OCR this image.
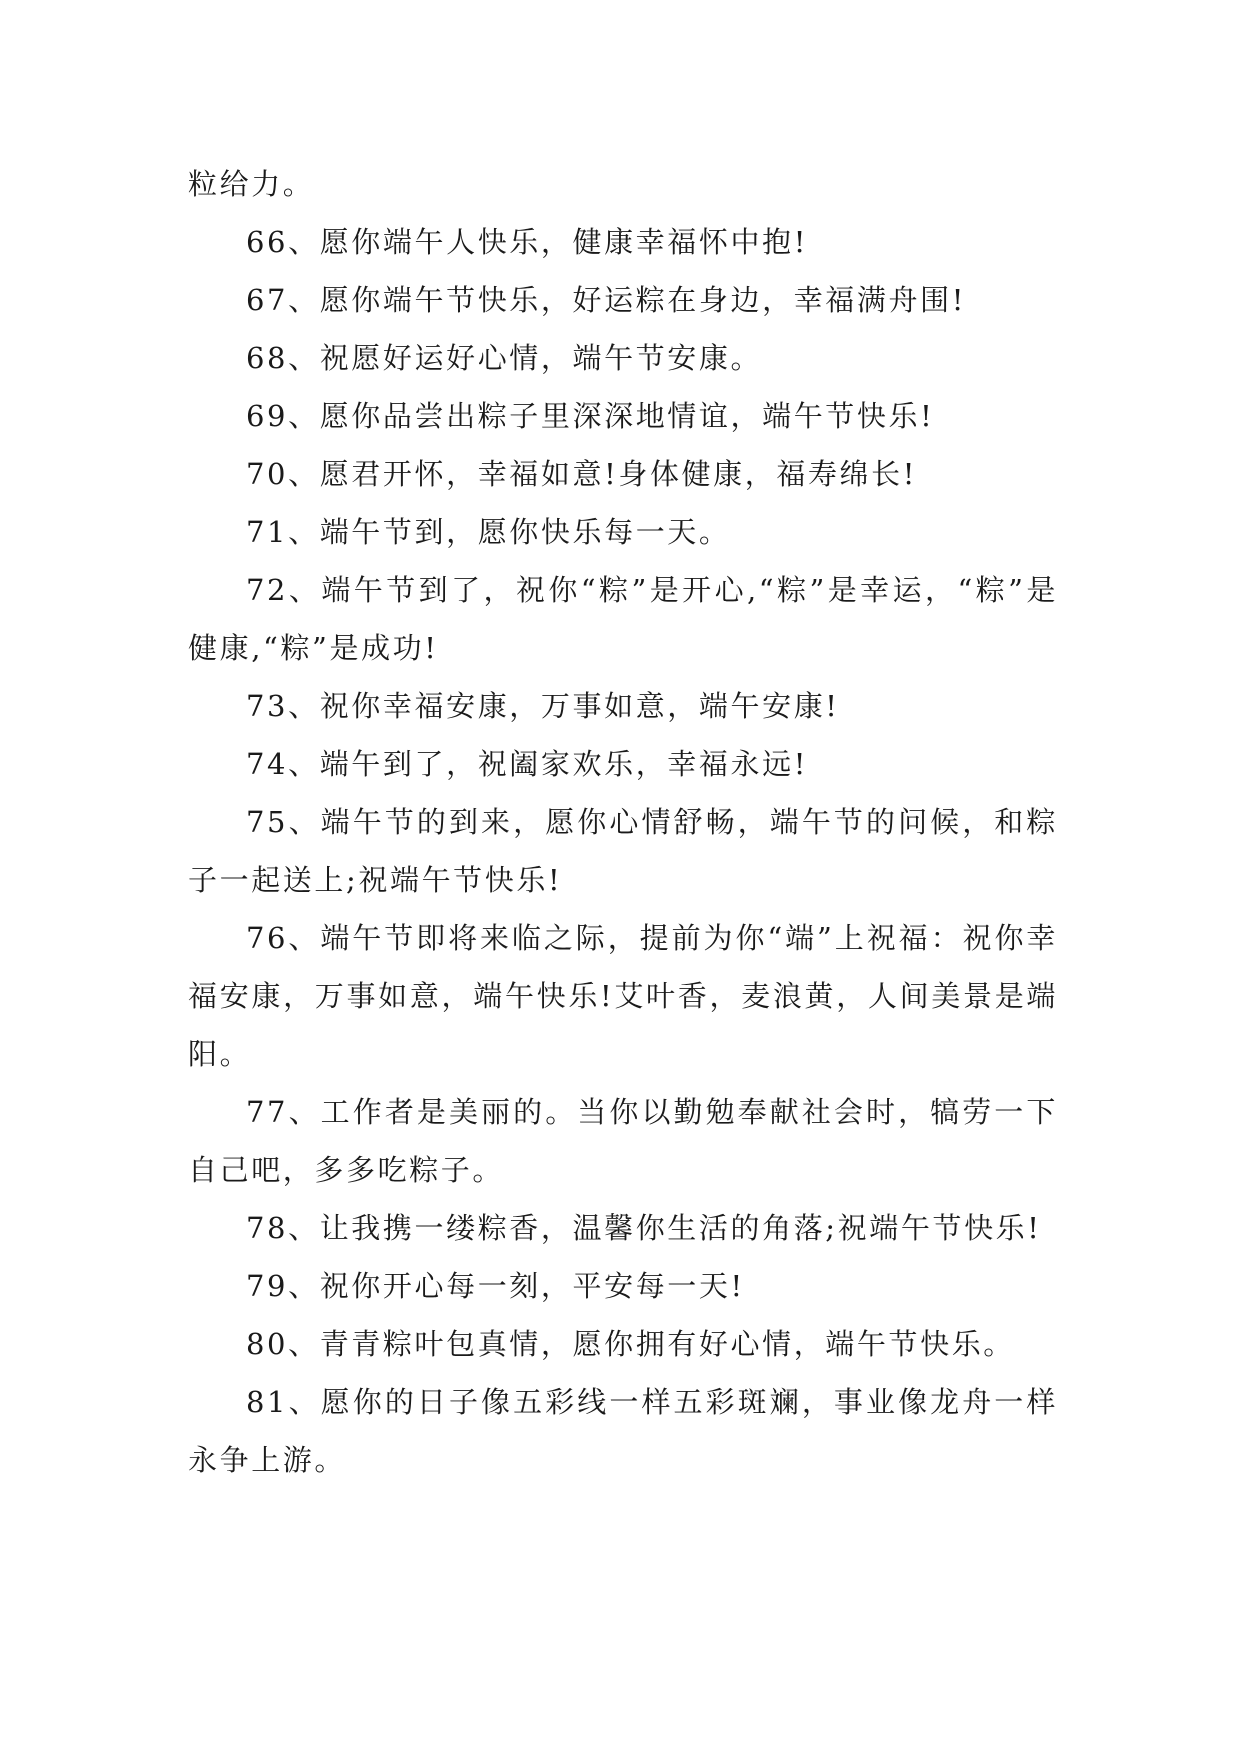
粒给力。

66、愿你端午人快乐，健康幸福怀中抱!

67、愿你端午节快乐，好运粽在身边，幸福满舟围!

68、祝愿好运好心情，端午节安康。

69、愿你品尝出粽子里深深地情谊，端午节快乐!

70、愿君开怀，幸福如意!身体健康，福寿绵长!

71、端午节到，愿你快乐每一天。

72、端午节到了，祝你“粽”是开心,“粽”是幸运，“粽”是健康,“粽”是成功!

73、祝你幸福安康，万事如意，端午安康!

74、端午到了，祝阖家欢乐，幸福永远!

75、端午节的到来，愿你心情舒畅，端午节的问候，和粽子一起送上;祝端午节快乐!

76、端午节即将来临之际，提前为你“端”上祝福：祝你幸福安康，万事如意，端午快乐!艾叶香，麦浪黄，人间美景是端阳。

77、工作者是美丽的。当你以勤勉奉献社会时，犒劳一下自己吧，多多吃粽子。

78、让我携一缕粽香，温馨你生活的角落;祝端午节快乐!

79、祝你开心每一刻，平安每一天!

80、青青粽叶包真情，愿你拥有好心情，端午节快乐。

81、愿你的日子像五彩线一样五彩斑斓，事业像龙舟一样永争上游。
